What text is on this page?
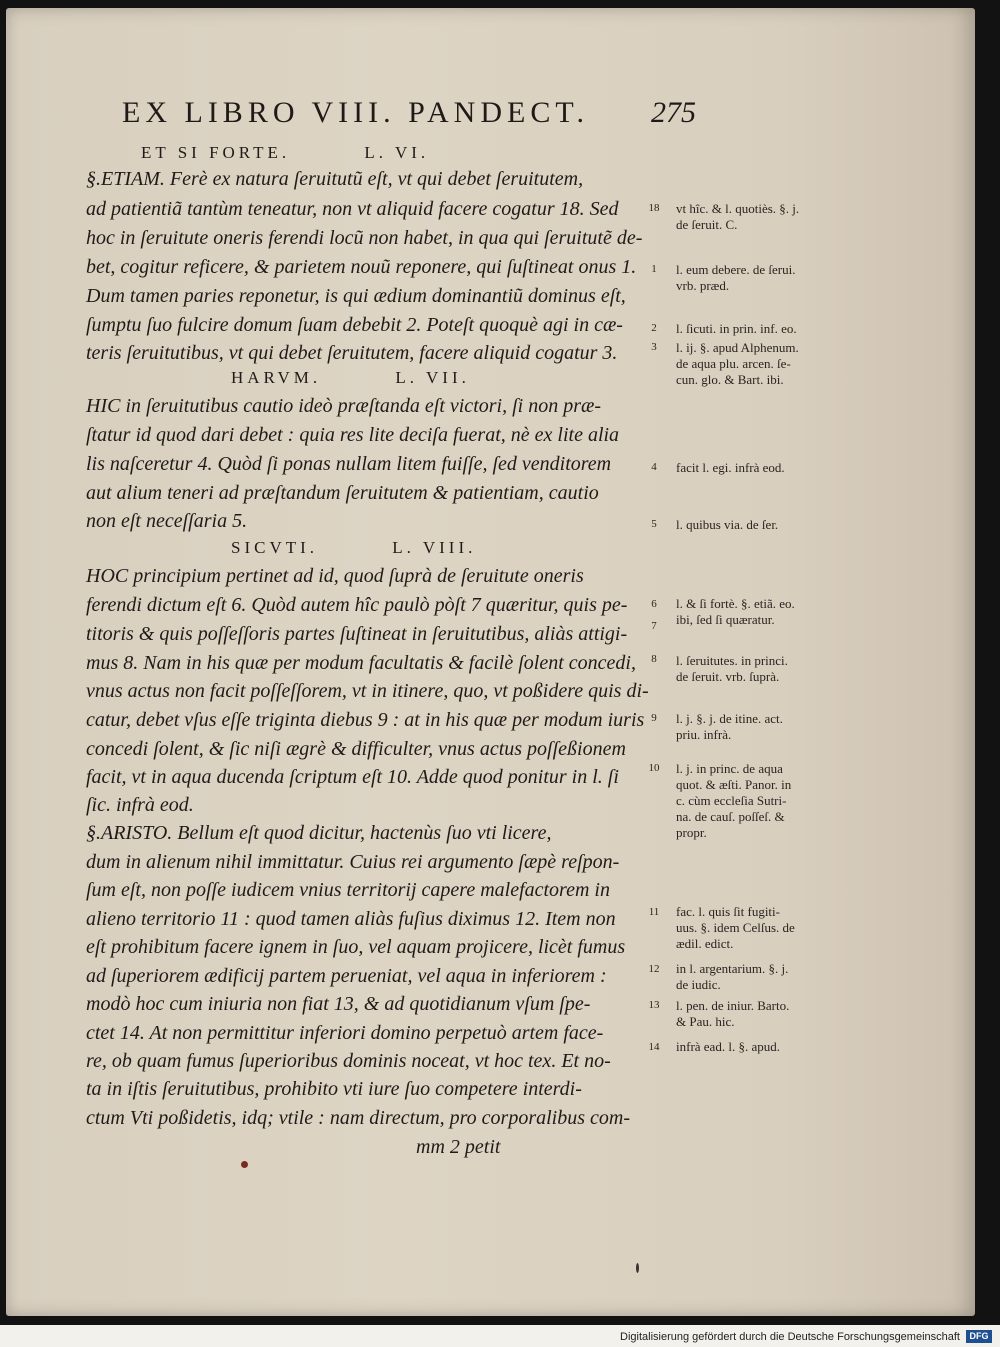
EX LIBRO VIII. PANDECT. 275
ET SI FORTE.         L. VI.
HARVM.         L. VII.
SICVTI.         L. VIII.
§.ETIAM. Ferè ex natura ſeruitutũ eſt, vt qui debet ſeruitutem,
ad patientiã tantùm teneatur, non vt aliquid facere cogatur 18. Sed
hoc in ſeruitute oneris ferendi locũ non habet, in qua qui ſeruitutẽ de-
bet, cogitur reficere, & parietem nouũ reponere, qui ſuſtineat onus 1.
Dum tamen paries reponetur, is qui ædium dominantiũ dominus eſt,
ſumptu ſuo fulcire domum ſuam debebit 2. Poteſt quoquè agi in cæ-
teris ſeruitutibus, vt qui debet ſeruitutem, facere aliquid cogatur 3.
HIC in ſeruitutibus cautio ideò præſtanda eſt victori, ſi non præ-
ſtatur id quod dari debet : quia res lite deciſa fuerat, nè ex lite alia
lis naſceretur 4. Quòd ſi ponas nullam litem fuiſſe, ſed venditorem
aut alium teneri ad præſtandum ſeruitutem & patientiam, cautio
non eſt neceſſaria 5.
HOC principium pertinet ad id, quod ſuprà de ſeruitute oneris
ferendi dictum eſt 6. Quòd autem hîc paulò pòſt 7 quæritur, quis pe-
titoris & quis poſſeſſoris partes ſuſtineat in ſeruitutibus, aliàs attigi-
mus 8. Nam in his quæ per modum facultatis & facilè ſolent concedi,
vnus actus non facit poſſeſſorem, vt in itinere, quo, vt poßidere quis di-
catur, debet vſus eſſe triginta diebus 9 : at in his quæ per modum iuris
concedi ſolent, & ſic niſi ægrè & difficulter, vnus actus poſſeßionem
facit, vt in aqua ducenda ſcriptum eſt 10. Adde quod ponitur in l. ſi
ſic. infrà eod.
§.ARISTO. Bellum eſt quod dicitur, hactenùs ſuo vti licere,
dum in alienum nihil immittatur. Cuius rei argumento ſæpè reſpon-
ſum eſt, non poſſe iudicem vnius territorij capere malefactorem in
alieno territorio 11 : quod tamen aliàs fuſius diximus 12. Item non
eſt prohibitum facere ignem in ſuo, vel aquam projicere, licèt fumus
ad ſuperiorem ædificij partem perueniat, vel aqua in inferiorem :
modò hoc cum iniuria non fiat 13, & ad quotidianum vſum ſpe-
ctet 14. At non permittitur inferiori domino perpetuò artem face-
re, ob quam fumus ſuperioribus dominis noceat, vt hoc tex. Et no-
ta in iſtis ſeruitutibus, prohibito vti iure ſuo competere interdi-
ctum Vti poßidetis, idq; vtile : nam directum, pro corporalibus com-
mm 2 petit
18
1
2
3
4
5
6
7
8
9
10
11
12
13
14
vt hîc. & l. quotiès. §. j.
de ſeruit. C.
l. eum debere. de ſerui.
vrb. præd.
l. ſicuti. in prin. inf. eo.
l. ij. §. apud Alphenum.
de aqua plu. arcen. ſe-
cun. glo. & Bart. ibi.
facit l. egi. infrà eod.
l. quibus via. de ſer.
l. & ſi fortè. §. etiã. eo.
ibi, ſed ſi quæratur.
l. ſeruitutes. in princi.
de ſeruit. vrb. ſuprà.
l. j. §. j. de itine. act.
priu. infrà.
l. j. in princ. de aqua
quot. & æſti. Panor. in
c. cùm eccleſia Sutri-
na. de cauſ. poſſeſ. &
propr.
fac. l. quis ſit fugiti-
uus. §. idem Celſus. de
ædil. edict.
in l. argentarium. §. j.
de iudic.
l. pen. de iniur. Barto.
& Pau. hic.
infrà ead. l. §. apud.
Digitalisierung gefördert durch die Deutsche Forschungsgemeinschaft	DFG
